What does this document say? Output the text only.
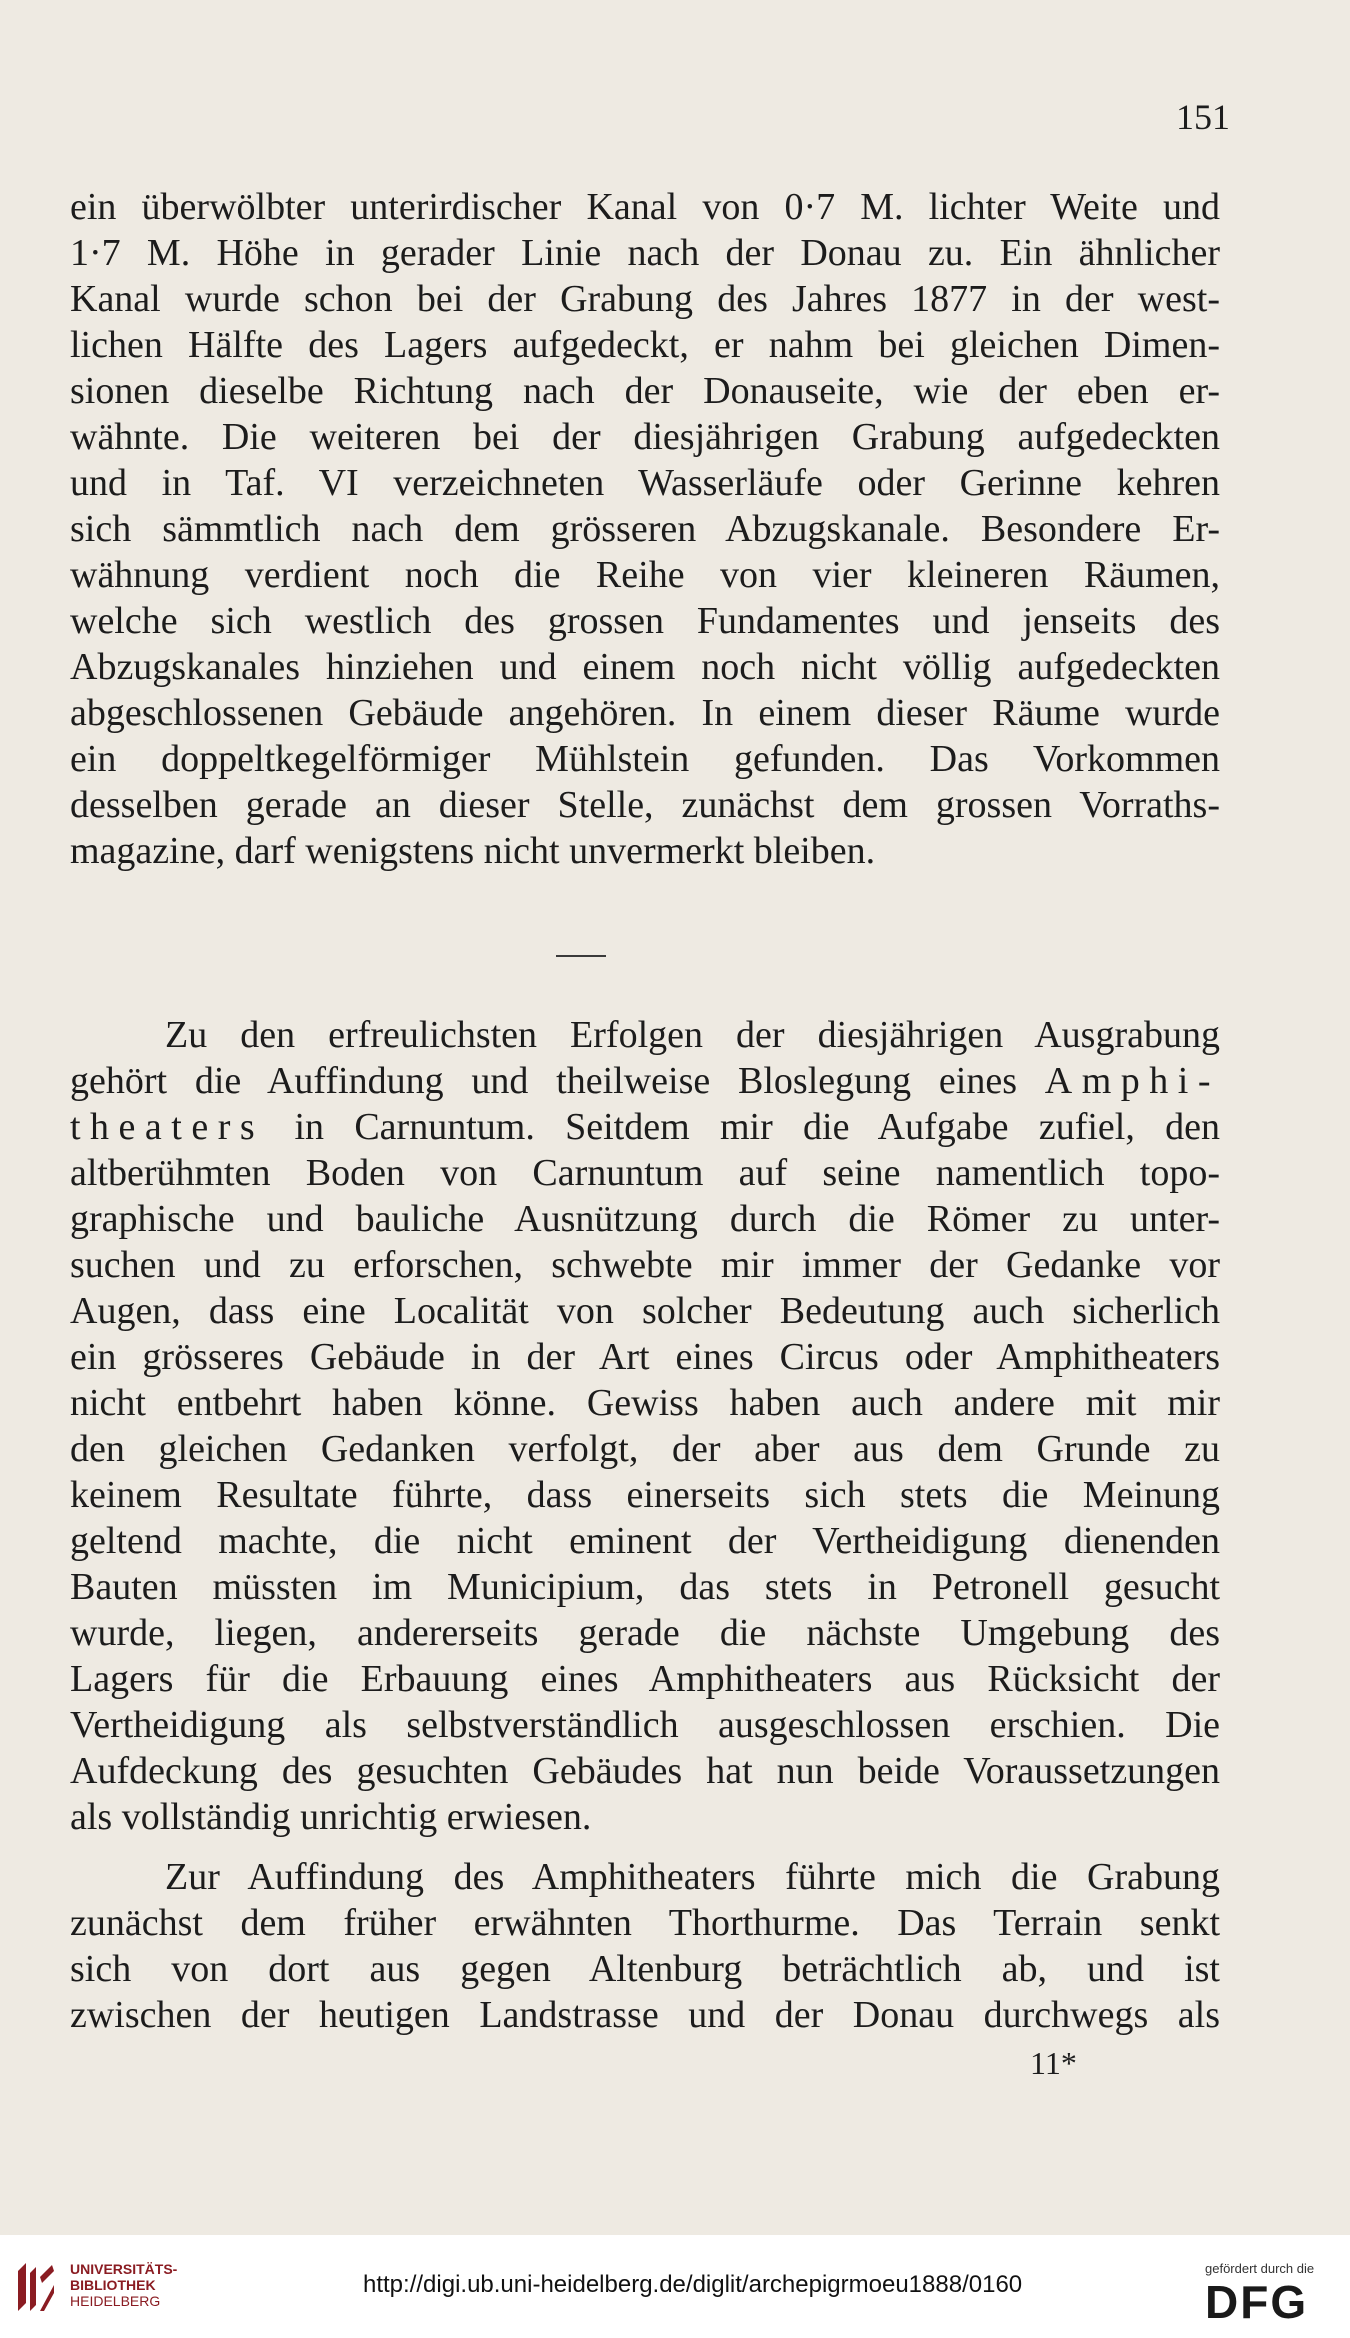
151

ein überwölbter unterirdischer Kanal von 0·7 M. lichter Weite und

1·7 M. Höhe in gerader Linie nach der Donau zu. Ein ähnlicher

Kanal wurde schon bei der Grabung des Jahres 1877 in der west-

lichen Hälfte des Lagers aufgedeckt, er nahm bei gleichen Dimen-

sionen dieselbe Richtung nach der Donauseite, wie der eben er-

wähnte. Die weiteren bei der diesjährigen Grabung aufgedeckten

und in Taf. VI verzeichneten Wasserläufe oder Gerinne kehren

sich sämmtlich nach dem grösseren Abzugskanale. Besondere Er-

wähnung verdient noch die Reihe von vier kleineren Räumen,

welche sich westlich des grossen Fundamentes und jenseits des

Abzugskanales hinziehen und einem noch nicht völlig aufgedeckten

abgeschlossenen Gebäude angehören. In einem dieser Räume wurde

ein doppeltkegelförmiger Mühlstein gefunden. Das Vorkommen

desselben gerade an dieser Stelle, zunächst dem grossen Vorraths-

magazine, darf wenigstens nicht unvermerkt bleiben.

Zu den erfreulichsten Erfolgen der diesjährigen Ausgrabung

gehört die Auffindung und theilweise Bloslegung eines Amphi-

theaters in Carnuntum. Seitdem mir die Aufgabe zufiel, den

altberühmten Boden von Carnuntum auf seine namentlich topo-

graphische und bauliche Ausnützung durch die Römer zu unter-

suchen und zu erforschen, schwebte mir immer der Gedanke vor

Augen, dass eine Localität von solcher Bedeutung auch sicherlich

ein grösseres Gebäude in der Art eines Circus oder Amphitheaters

nicht entbehrt haben könne. Gewiss haben auch andere mit mir

den gleichen Gedanken verfolgt, der aber aus dem Grunde zu

keinem Resultate führte, dass einerseits sich stets die Meinung

geltend machte, die nicht eminent der Vertheidigung dienenden

Bauten müssten im Municipium, das stets in Petronell gesucht

wurde, liegen, andererseits gerade die nächste Umgebung des

Lagers für die Erbauung eines Amphitheaters aus Rücksicht der

Vertheidigung als selbstverständlich ausgeschlossen erschien. Die

Aufdeckung des gesuchten Gebäudes hat nun beide Voraussetzungen

als vollständig unrichtig erwiesen.

Zur Auffindung des Amphitheaters führte mich die Grabung

zunächst dem früher erwähnten Thorthurme. Das Terrain senkt

sich von dort aus gegen Altenburg beträchtlich ab, und ist

zwischen der heutigen Landstrasse und der Donau durchwegs als

11*
UNIVERSITÄTS-
BIBLIOTHEK
HEIDELBERG
http://digi.ub.uni-heidelberg.de/diglit/archepigrmoeu1888/0160
gefördert durch die
DFG
